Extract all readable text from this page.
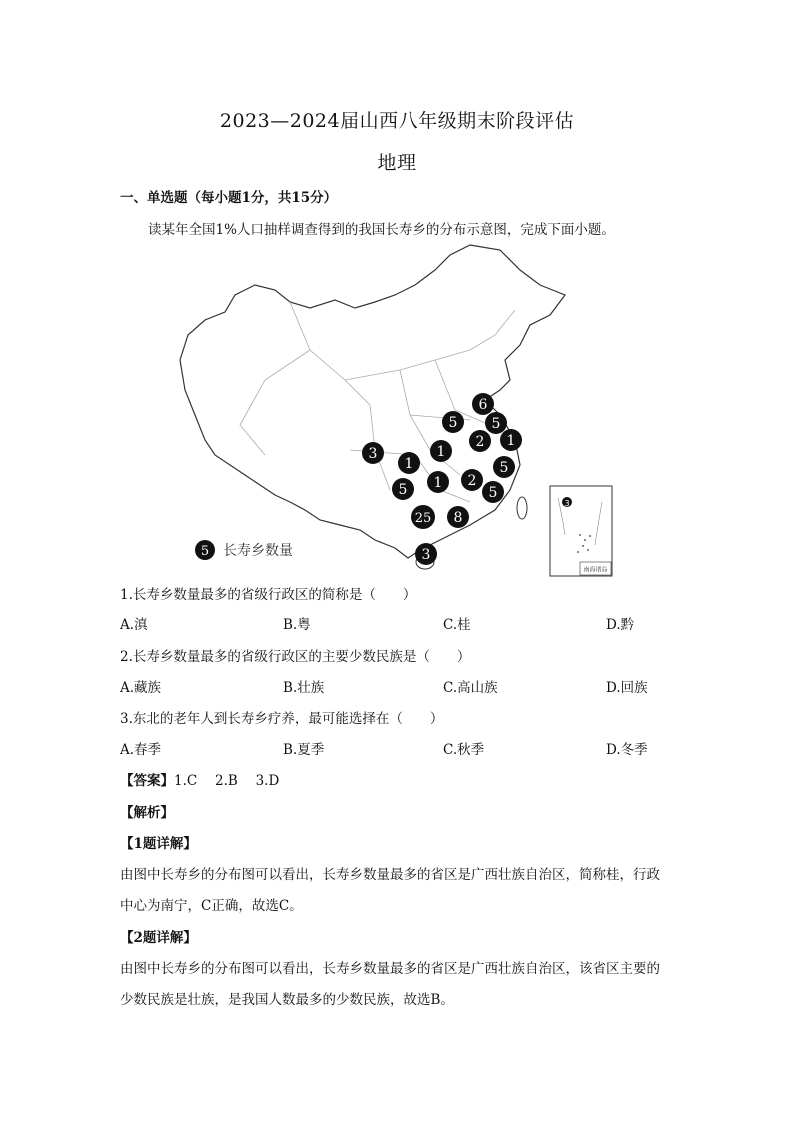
2023—2024届山西八年级期末阶段评估
地理
一、单选题（每小题1分，共15分）
读某年全国1%人口抽样调查得到的我国长寿乡的分布示意图，完成下面小题。
6
5 5
2 1
3
1
1
5
5 1 2
5
25 8
3
5 长寿乡数量
3
南海诸岛
1.长寿乡数量最多的省级行政区的简称是（　　）
A.滇	B.粤	C.桂	D.黔
2.长寿乡数量最多的省级行政区的主要少数民族是（　　）
A.藏族	B.壮族	C.高山族	D.回族
3.东北的老年人到长寿乡疗养，最可能选择在（　　）
A.春季	B.夏季	C.秋季	D.冬季
【答案】1.C　 2.B　 3.D
【解析】
【1题详解】
由图中长寿乡的分布图可以看出，长寿乡数量最多的省区是广西壮族自治区，简称桂，行政
中心为南宁，C正确，故选C。
【2题详解】
由图中长寿乡的分布图可以看出，长寿乡数量最多的省区是广西壮族自治区，该省区主要的
少数民族是壮族，是我国人数最多的少数民族，故选B。
